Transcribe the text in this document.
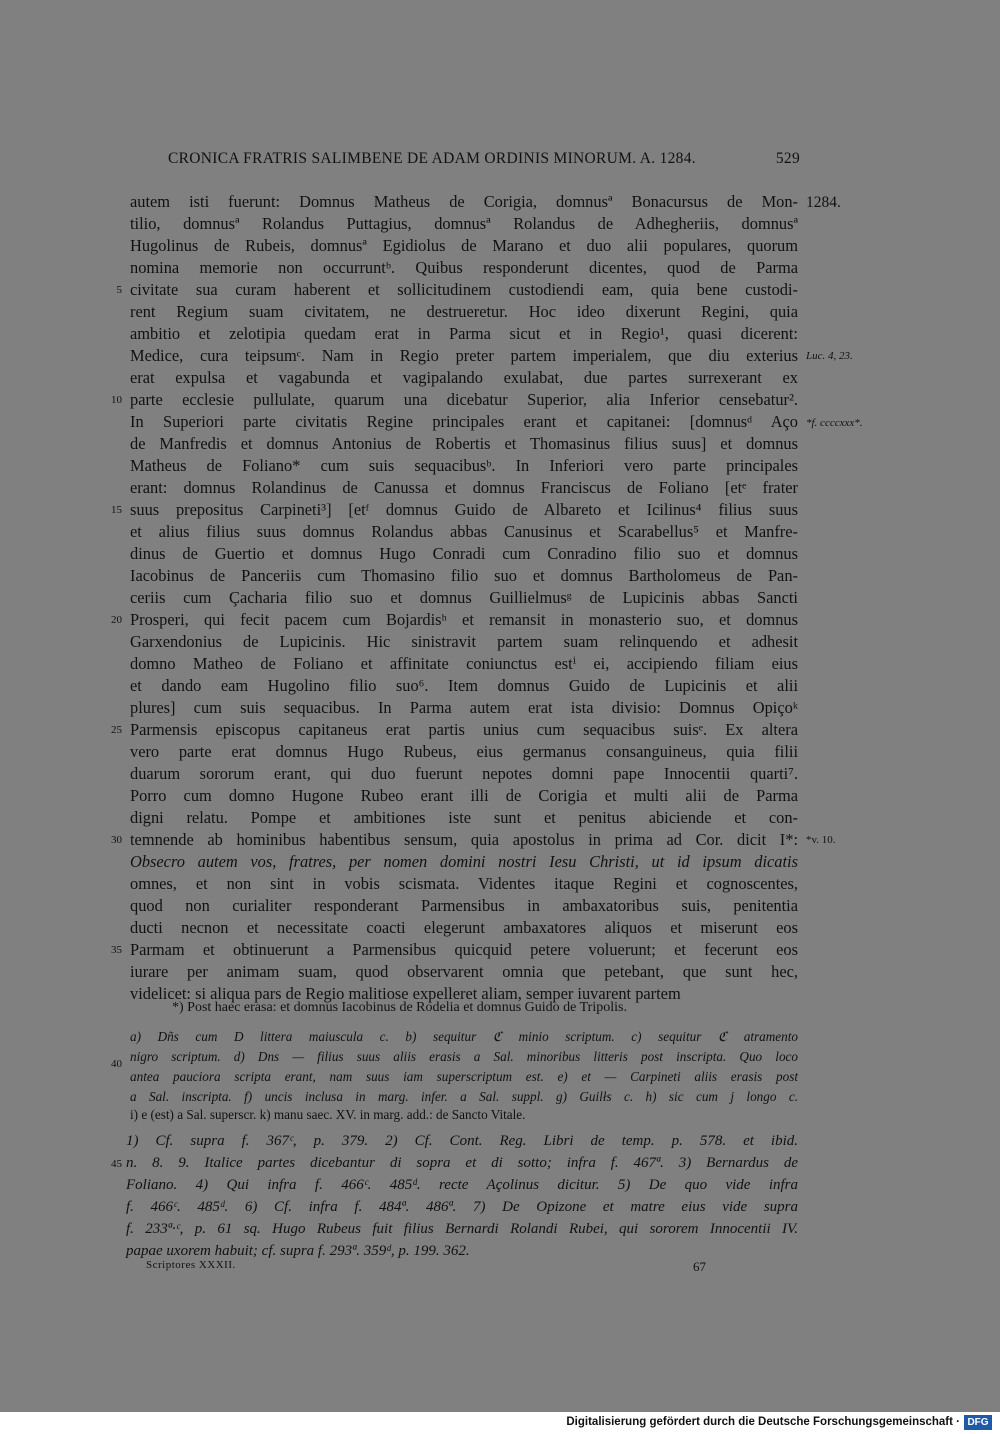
CRONICA FRATRIS SALIMBENE DE ADAM ORDINIS MINORUM. A. 1284.	529
autem isti fuerunt: Domnus Matheus de Corigia, domnusª Bonacursus de Mon-
tilio, domnusª Rolandus Puttagius, domnusª Rolandus de Adhegheriis, domnusª
Hugolinus de Rubeis, domnusª Egidiolus de Marano et duo alii populares, quorum
nomina memorie non occurruntᵇ. Quibus responderunt dicentes, quod de Parma
civitate sua curam haberent et sollicitudinem custodiendi eam, quia bene custodi-
rent Regium suam civitatem, ne destrueretur. Hoc ideo dixerunt Regini, quia
ambitio et zelotipia quedam erat in Parma sicut et in Regio¹, quasi dicerent:
Medice, cura teipsumᶜ. Nam in Regio preter partem imperialem, que diu exterius
erat expulsa et vagabunda et vagipalando exulabat, due partes surrexerant ex
parte ecclesie pullulate, quarum una dicebatur Superior, alia Inferior censebatur².
In Superiori parte civitatis Regine principales erant et capitanei: [domnusᵈ Aço
de Manfredis et domnus Antonius de Robertis et Thomasinus filius suus] et domnus
Matheus de Foliano* cum suis sequacibusᵇ. In Inferiori vero parte principales
erant: domnus Rolandinus de Canussa et domnus Franciscus de Foliano [etᵉ frater
suus prepositus Carpineti³] [etᶠ domnus Guido de Albareto et Icilinus⁴ filius suus
et alius filius suus domnus Rolandus abbas Canusinus et Scarabellus⁵ et Manfre-
dinus de Guertio et domnus Hugo Conradi cum Conradino filio suo et domnus
Iacobinus de Panceriis cum Thomasino filio suo et domnus Bartholomeus de Pan-
ceriis cum Çacharia filio suo et domnus Guillielmusᵍ de Lupicinis abbas Sancti
Prosperi, qui fecit pacem cum Bojardisʰ et remansit in monasterio suo, et domnus
Garxendonius de Lupicinis. Hic sinistravit partem suam relinquendo et adhesit
domno Matheo de Foliano et affinitate coniunctus estⁱ ei, accipiendo filiam eius
et dando eam Hugolino filio suo⁶. Item domnus Guido de Lupicinis et alii
plures] cum suis sequacibus. In Parma autem erat ista divisio: Domnus Opiçoᵏ
Parmensis episcopus capitaneus erat partis unius cum sequacibus suisᵉ. Ex altera
vero parte erat domnus Hugo Rubeus, eius germanus consanguineus, quia filii
duarum sororum erant, qui duo fuerunt nepotes domni pape Innocentii quarti⁷.
Porro cum domno Hugone Rubeo erant illi de Corigia et multi alii de Parma
digni relatu. Pompe et ambitiones iste sunt et penitus abiciende et con-
temnende ab hominibus habentibus sensum, quia apostolus in prima ad Cor. dicit I*:
Obsecro autem vos, fratres, per nomen domini nostri Iesu Christi, ut id ipsum dicatis
omnes, et non sint in vobis scismata. Videntes itaque Regini et cognoscentes,
quod non curialiter responderant Parmensibus in ambaxatoribus suis, penitentia
ducti necnon et necessitate coacti elegerunt ambaxatores aliquos et miserunt eos
Parmam et obtinuerunt a Parmensibus quicquid petere voluerunt; et fecerunt eos
iurare per animam suam, quod observarent omnia que petebant, que sunt hec,
videlicet: si aliqua pars de Regio malitiose expelleret aliam, semper iuvarent partem
5
10
15
20
25
30
35
40
45
1284.
Luc. 4, 23.
*f. ccccxxx*.
*v. 10.
*) Post haec erasa: et domnus Iacobinus de Rodelia et domnus Guido de Tripolis.
a) Dñs cum D littera maiuscula c. b) sequitur ℭ minio scriptum. c) sequitur ℭ atramento
nigro scriptum. d) Dns — filius suus aliis erasis a Sal. minoribus litteris post inscripta. Quo loco
antea pauciora scripta erant, nam suus iam superscriptum est. e) et — Carpineti aliis erasis post
a Sal. inscripta. f) uncis inclusa in marg. infer. a Sal. suppl. g) Guilłs c. h) sic cum j longo c.
i) e (est) a Sal. superscr. k) manu saec. XV. in marg. add.: de Sancto Vitale.
1) Cf. supra f. 367ᶜ, p. 379. 2) Cf. Cont. Reg. Libri de temp. p. 578. et ibid.
n. 8. 9. Italice partes dicebantur di sopra et di sotto; infra f. 467ª. 3) Bernardus de
Foliano. 4) Qui infra f. 466ᶜ. 485ᵈ. recte Açolinus dicitur. 5) De quo vide infra
f. 466ᶜ. 485ᵈ. 6) Cf. infra f. 484ª. 486ª. 7) De Opizone et matre eius vide supra
f. 233ª·ᶜ, p. 61 sq. Hugo Rubeus fuit filius Bernardi Rolandi Rubei, qui sororem Innocentii IV.
papae uxorem habuit; cf. supra f. 293ª. 359ᵈ, p. 199. 362.
Scriptores XXXII.	67
Digitalisierung gefördert durch die Deutsche Forschungsgemeinschaft · DFG
